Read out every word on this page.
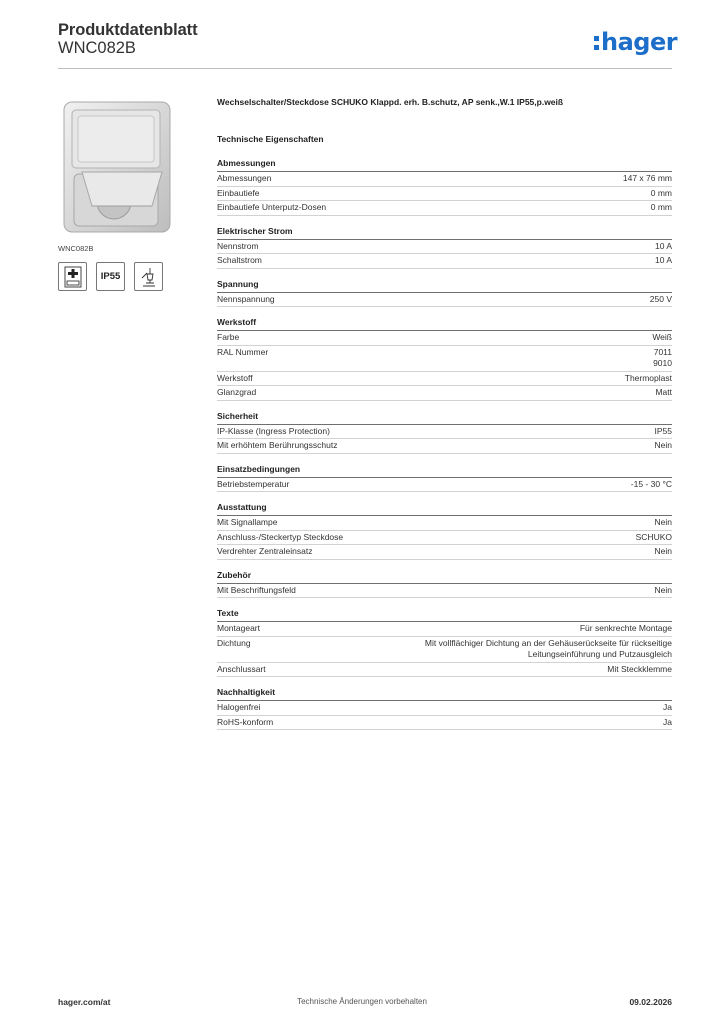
Produktdatenblatt
WNC082B	hager
WNC082B
IP55
Wechselschalter/Steckdose SCHUKO Klappd. erh. B.schutz, AP senk.,W.1 IP55,p.weiß
Technische Eigenschaften
Abmessungen
Abmessungen	147 x 76 mm
Einbautiefe	0 mm
Einbautiefe Unterputz-Dosen	0 mm
Elektrischer Strom
Nennstrom	10 A
Schaltstrom	10 A
Spannung
Nennspannung	250 V
Werkstoff
Farbe	Weiß
RAL Nummer	7011
9010
Werkstoff	Thermoplast
Glanzgrad	Matt
Sicherheit
IP-Klasse (Ingress Protection)	IP55
Mit erhöhtem Berührungsschutz	Nein
Einsatzbedingungen
Betriebstemperatur	-15 - 30 °C
Ausstattung
Mit Signallampe	Nein
Anschluss-/Steckertyp Steckdose	SCHUKO
Verdrehter Zentraleinsatz	Nein
Zubehör
Mit Beschriftungsfeld	Nein
Texte
Montageart	Für senkrechte Montage
Dichtung	Mit vollflächiger Dichtung an der Gehäuserückseite für rückseitige
Leitungseinführung und Putzausgleich
Anschlussart	Mit Steckklemme
Nachhaltigkeit
Halogenfrei	Ja
RoHS-konform	Ja
hager.com/at	Technische Änderungen vorbehalten	09.02.2026
